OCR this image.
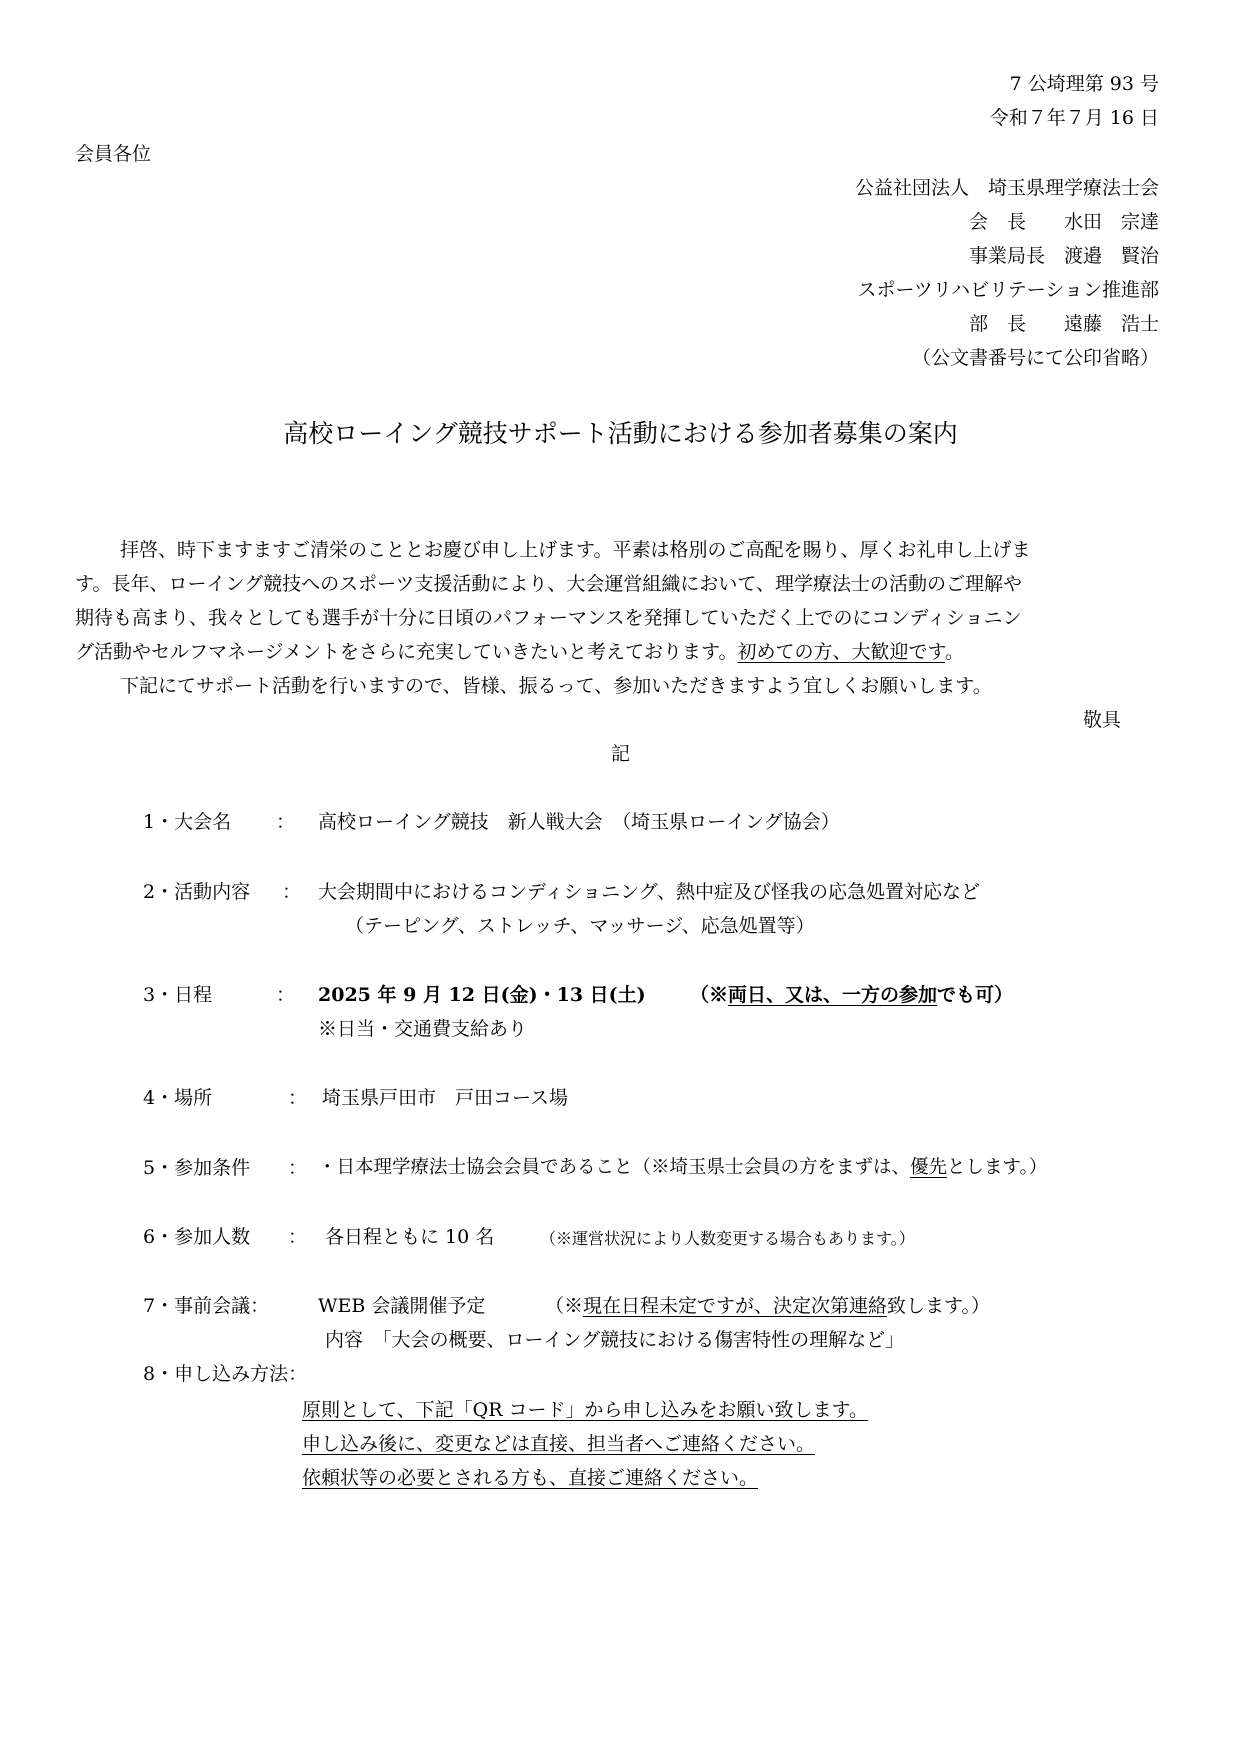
7 公埼理第 93 号
令和７年７月 16 日
会員各位
公益社団法人　埼玉県理学療法士会
会　長　　水田　宗達
事業局長　渡邉　賢治
スポーツリハビリテーション推進部
部　長　　遠藤　浩士
（公文書番号にて公印省略）
高校ローイング競技サポート活動における参加者募集の案内
拝啓、時下ますますご清栄のこととお慶び申し上げます。平素は格別のご高配を賜り、厚くお礼申し上げま
す。長年、ローイング競技へのスポーツ支援活動により、大会運営組織において、理学療法士の活動のご理解や
期待も高まり、我々としても選手が十分に日頃のパフォーマンスを発揮していただく上でのにコンディショニン
グ活動やセルフマネージメントをさらに充実していきたいと考えております。初めての方、大歓迎です。
下記にてサポート活動を行いますので、皆様、振るって、参加いただきますよう宜しくお願いします。
敬具
記
1・大会名 ： 高校ローイング競技　新人戦大会　（埼玉県ローイング協会）
2・活動内容 ： 大会期間中におけるコンディショニング、熱中症及び怪我の応急処置対応など
（テーピング、ストレッチ、マッサージ、応急処置等）
3・日程	： 2025 年 9 月 12 日(金)・13 日(土) （※両日、又は、一方の参加でも可）
※日当・交通費支給あり
4・場所	： 埼玉県戸田市　戸田コース場
5・参加条件 ： ・日本理学療法士協会会員であること（※埼玉県士会員の方をまずは、優先とします。）
6・参加人数 ： 各日程ともに 10 名	（※運営状況により人数変更する場合もあります。）
7・事前会議：	WEB 会議開催予定	（※現在日程未定ですが、決定次第連絡致します。）
内容　「大会の概要、ローイング競技における傷害特性の理解など」
8・申し込み方法：
原則として、下記「QR コード」から申し込みをお願い致します。
申し込み後に、変更などは直接、担当者へご連絡ください。
依頼状等の必要とされる方も、直接ご連絡ください。
